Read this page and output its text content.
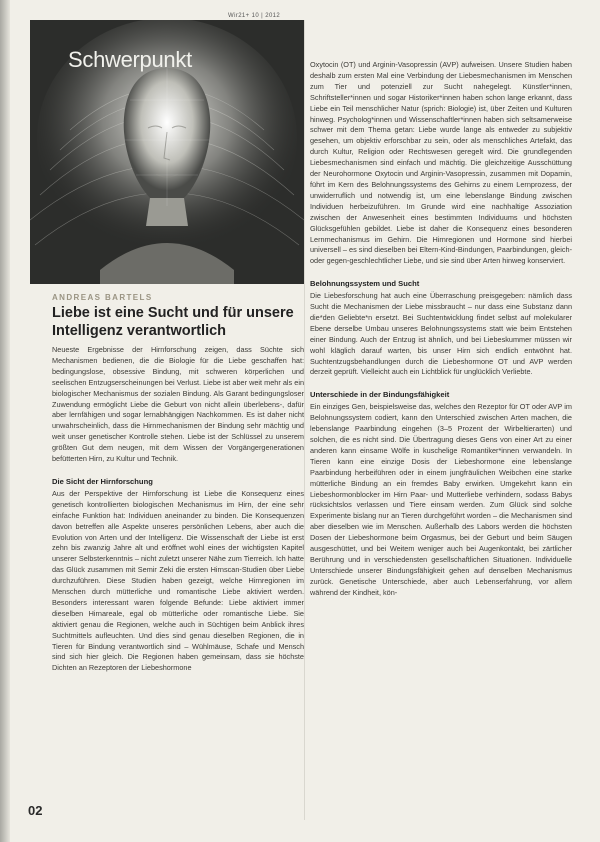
Schwerpunkt
Wir21+ 10 | 2012
ANDREAS BARTELS
Liebe ist eine Sucht und für unsere Intelligenz verantwortlich

Neueste Ergebnisse der Hirnforschung zeigen, dass Süchte sich Mechanismen bedienen, die die Biologie für die Liebe geschaffen hat: bedingungslose, obsessive Bindung, mit schweren körperlichen und seelischen Entzugserscheinungen bei Verlust. Liebe ist aber weit mehr als ein biologischer Mechanismus der sozialen Bindung. Als Garant bedingungsloser Zuwendung ermöglicht Liebe die Geburt von nicht allein überlebens-, dafür aber lernfähigen und sogar lernabhängigen Nachkommen. Es ist daher nicht unwahrscheinlich, dass die Hirnmechanismen der Bindung sehr mächtig und weit unser genetischer Kontrolle stehen. Liebe ist der Schlüssel zu unserem größten Gut dem neugen, mit dem Wissen der Vorgängergenerationen befütterten Hirn, zu Kultur und Technik.

Die Sicht der Hirnforschung

Aus der Perspektive der Hirnforschung ist Liebe die Konsequenz eines genetisch kontrollierten biologischen Mechanismus im Hirn, der eine sehr einfache Funktion hat: Individuen aneinander zu binden. Die Konsequenzen davon betreffen alle Aspekte unseres persönlichen Lebens, aber auch die Evolution von Arten und der Intelligenz. Die Wissenschaft der Liebe ist erst zehn bis zwanzig Jahre alt und eröffnet wohl eines der wichtigsten Kapitel unserer Selbsterkenntnis – nicht zuletzt unserer Nähe zum Tierreich. Ich hatte das Glück zusammen mit Semir Zeki die ersten Hirnscan-Studien über Liebe durchzuführen. Diese Studien haben gezeigt, welche Hirnregionen im Menschen durch mütterliche und romantische Liebe aktiviert werden. Besonders interessant waren folgende Befunde: Liebe aktiviert immer dieselben Hirnareale, egal ob mütterliche oder romantische Liebe. Sie aktiviert genau die Regionen, welche auch in Süchtigen beim Anblick ihres Suchtmittels aufleuchten. Und dies sind genau dieselben Regionen, die in Tieren für Bindung verantwortlich sind – Wühlmäuse, Schafe und Mensch sind sich hier gleich. Die Regionen haben gemeinsam, dass sie höchste Dichten an Rezeptoren der Liebeshormone

Oxytocin (OT) und Arginin-Vasopressin (AVP) aufweisen. Unsere Studien haben deshalb zum ersten Mal eine Verbindung der Liebesmechanismen im Menschen zum Tier und potenziell zur Sucht nahegelegt. Künstler*innen, Schriftsteller*innen und sogar Historiker*innen haben schon lange erkannt, dass Liebe ein Teil menschlicher Natur (sprich: Biologie) ist, über Zeiten und Kulturen hinweg. Psycholog*innen und Wissenschaftler*innen haben sich seltsamerweise schwer mit dem Thema getan: Liebe wurde lange als entweder zu subjektiv gesehen, um objektiv erforschbar zu sein, oder als menschliches Artefakt, das durch Kultur, Religion oder Rechtswesen geregelt wird. Die grundlegenden Liebesmechanismen sind einfach und mächtig. Die gleichzeitige Ausschüttung der Neurohormone Oxytocin und Arginin-Vasopressin, zusammen mit Dopamin, führt im Kern des Belohnungssystems des Gehirns zu einem Lernprozess, der unwiderruflich und notwendig ist, um eine lebenslange Bindung zwischen Individuen herbeizuführen. Im Grunde wird eine nachhaltige Assoziation zwischen der Anwesenheit eines bestimmten Individuums und höchsten Glücksgefühlen gebildet. Liebe ist daher die Konsequenz eines besonderen Lernmechanismus im Gehirn. Die Hirnregionen und Hormone sind hierbei universell – es sind dieselben bei Eltern-Kind-Bindungen, Paarbindungen, gleich- oder gegen-geschlechtlicher Liebe, und sie sind über Arten hinweg konserviert.

Belohnungssystem und Sucht

Die Liebesforschung hat auch eine Überraschung preisgegeben: nämlich dass Sucht die Mechanismen der Liebe missbraucht – nur dass eine Substanz dann die*den Geliebte*n ersetzt. Bei Suchtentwicklung findet selbst auf molekularer Ebene derselbe Umbau unseres Belohnungssystems statt wie beim Entstehen einer Bindung. Auch der Entzug ist ähnlich, und bei Liebeskummer müssen wir wohl kläglich darauf warten, bis unser Hirn sich endlich entwöhnt hat. Suchtentzugsbehandlungen durch die Liebeshormone OT und AVP werden derzeit geprüft. Vielleicht auch ein Lichtblick für unglücklich Verliebte.

Unterschiede in der Bindungsfähigkeit

Ein einziges Gen, beispielsweise das, welches den Rezeptor für OT oder AVP im Belohnungssystem codiert, kann den Unterschied zwischen Arten machen, die lebenslange Paarbindung eingehen (3–5 Prozent der Wirbeltierarten) und solchen, die es nicht sind. Die Übertragung dieses Gens von einer Art zu einer anderen kann einsame Wölfe in kuschelige Romantiker*innen verwandeln. In Tieren kann eine einzige Dosis der Liebeshormone eine lebenslange Paarbindung herbeiführen oder in einem jungfräulichen Weibchen eine starke mütterliche Bindung an ein fremdes Baby erwirken. Umgekehrt kann ein Liebeshormonblocker im Hirn Paar- und Mutterliebe verhindern, sodass Babys rücksichtslos verlassen und Tiere einsam werden. Zum Glück sind solche Experimente bislang nur an Tieren durchgeführt worden – die Mechanismen sind aber dieselben wie im Menschen. Außerhalb des Labors werden die höchsten Dosen der Liebeshormone beim Orgasmus, bei der Geburt und beim Säugen ausgeschüttet, und bei Weitem weniger auch bei Augenkontakt, bei zärtlicher Berührung und in verschiedensten gesellschaftlichen Situationen. Individuelle Unterschiede unserer Bindungsfähigkeit gehen auf denselben Mechanismus zurück. Genetische Unterschiede, aber auch Lebenserfahrung, vor allem während der Kindheit, kön-

02
